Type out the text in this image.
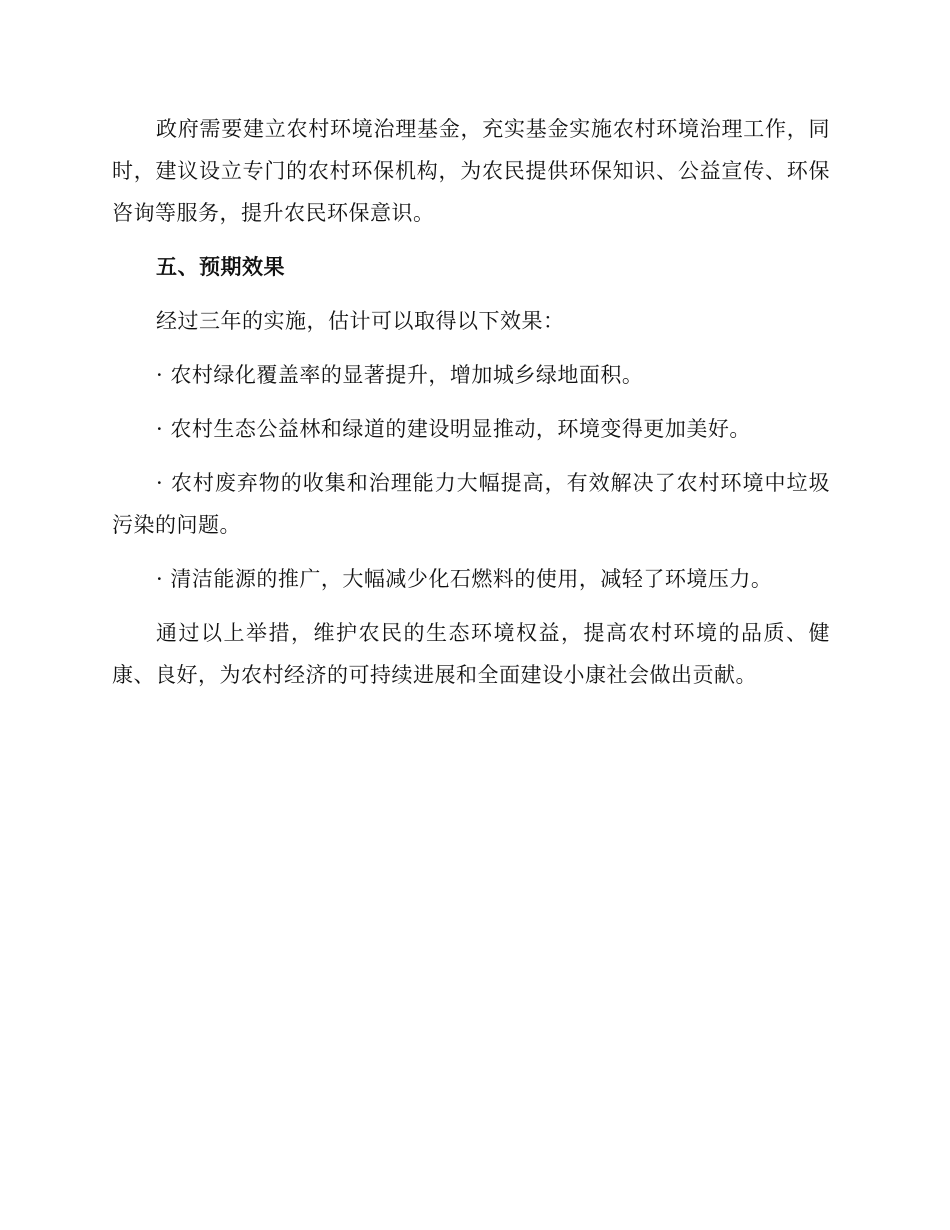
政府需要建立农村环境治理基金，充实基金实施农村环境治理工作，同时，建议设立专门的农村环保机构，为农民提供环保知识、公益宣传、环保咨询等服务，提升农民环保意识。

五、预期效果

经过三年的实施，估计可以取得以下效果：

· 农村绿化覆盖率的显著提升，增加城乡绿地面积。

· 农村生态公益林和绿道的建设明显推动，环境变得更加美好。

· 农村废弃物的收集和治理能力大幅提高，有效解决了农村环境中垃圾污染的问题。

· 清洁能源的推广，大幅减少化石燃料的使用，减轻了环境压力。

通过以上举措，维护农民的生态环境权益，提高农村环境的品质、健康、良好，为农村经济的可持续进展和全面建设小康社会做出贡献。
